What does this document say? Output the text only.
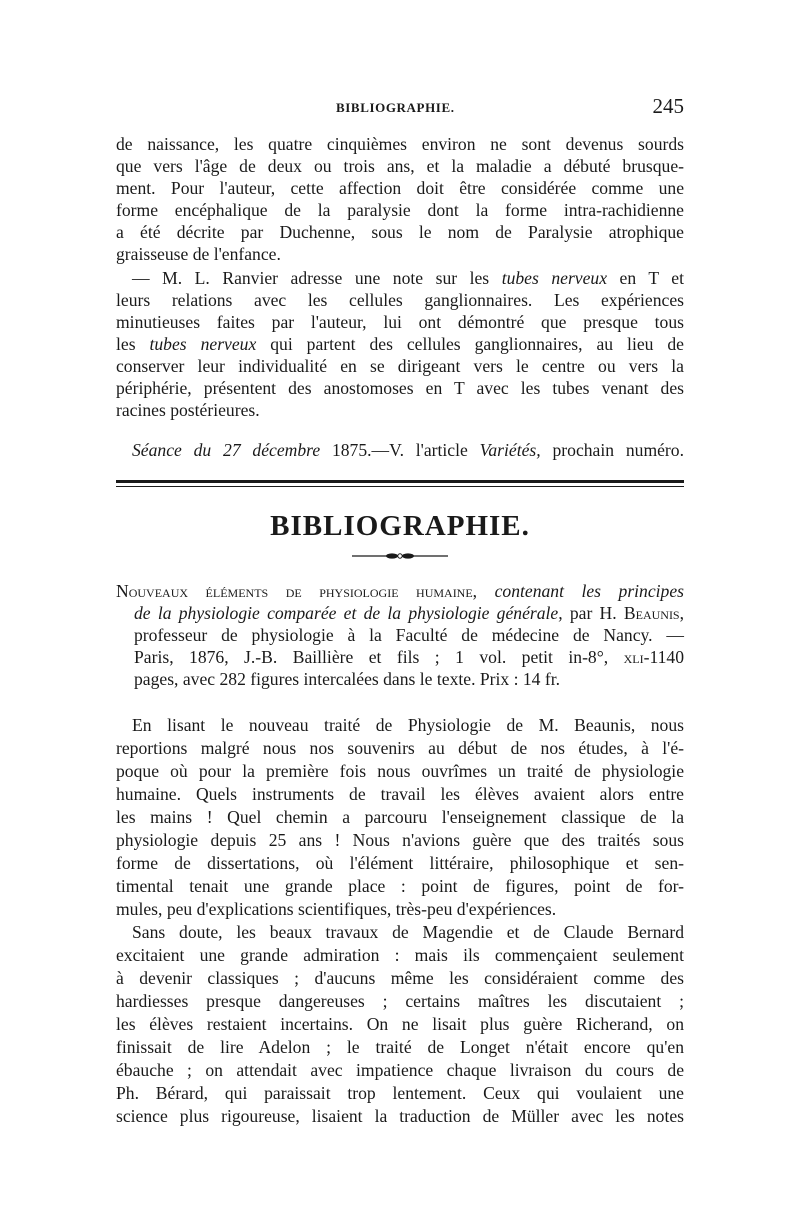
BIBLIOGRAPHIE.	245
de naissance, les quatre cinquièmes environ ne sont devenus sourds
que vers l'âge de deux ou trois ans, et la maladie a débuté brusque-
ment. Pour l'auteur, cette affection doit être considérée comme une
forme encéphalique de la paralysie dont la forme intra-rachidienne
a été décrite par Duchenne, sous le nom de Paralysie atrophique
graisseuse de l'enfance.
— M. L. Ranvier adresse une note sur les tubes nerveux en T et
leurs relations avec les cellules ganglionnaires. Les expériences
minutieuses faites par l'auteur, lui ont démontré que presque tous
les tubes nerveux qui partent des cellules ganglionnaires, au lieu de
conserver leur individualité en se dirigeant vers le centre ou vers la
périphérie, présentent des anostomoses en T avec les tubes venant des
racines postérieures.
Séance du 27 décembre 1875.—V. l'article Variétés, prochain numéro.
BIBLIOGRAPHIE.
Nouveaux éléments de physiologie humaine, contenant les principes
de la physiologie comparée et de la physiologie générale, par H. Beaunis,
professeur de physiologie à la Faculté de médecine de Nancy. —
Paris, 1876, J.-B. Baillière et fils ; 1 vol. petit in-8°, xli-1140
pages, avec 282 figures intercalées dans le texte. Prix : 14 fr.
En lisant le nouveau traité de Physiologie de M. Beaunis, nous
reportions malgré nous nos souvenirs au début de nos études, à l'é-
poque où pour la première fois nous ouvrîmes un traité de physiologie
humaine. Quels instruments de travail les élèves avaient alors entre
les mains ! Quel chemin a parcouru l'enseignement classique de la
physiologie depuis 25 ans ! Nous n'avions guère que des traités sous
forme de dissertations, où l'élément littéraire, philosophique et sen-
timental tenait une grande place : point de figures, point de for-
mules, peu d'explications scientifiques, très-peu d'expériences.
Sans doute, les beaux travaux de Magendie et de Claude Bernard
excitaient une grande admiration : mais ils commençaient seulement
à devenir classiques ; d'aucuns même les considéraient comme des
hardiesses presque dangereuses ; certains maîtres les discutaient ;
les élèves restaient incertains. On ne lisait plus guère Richerand, on
finissait de lire Adelon ; le traité de Longet n'était encore qu'en
ébauche ; on attendait avec impatience chaque livraison du cours de
Ph. Bérard, qui paraissait trop lentement. Ceux qui voulaient une
science plus rigoureuse, lisaient la traduction de Müller avec les notes
